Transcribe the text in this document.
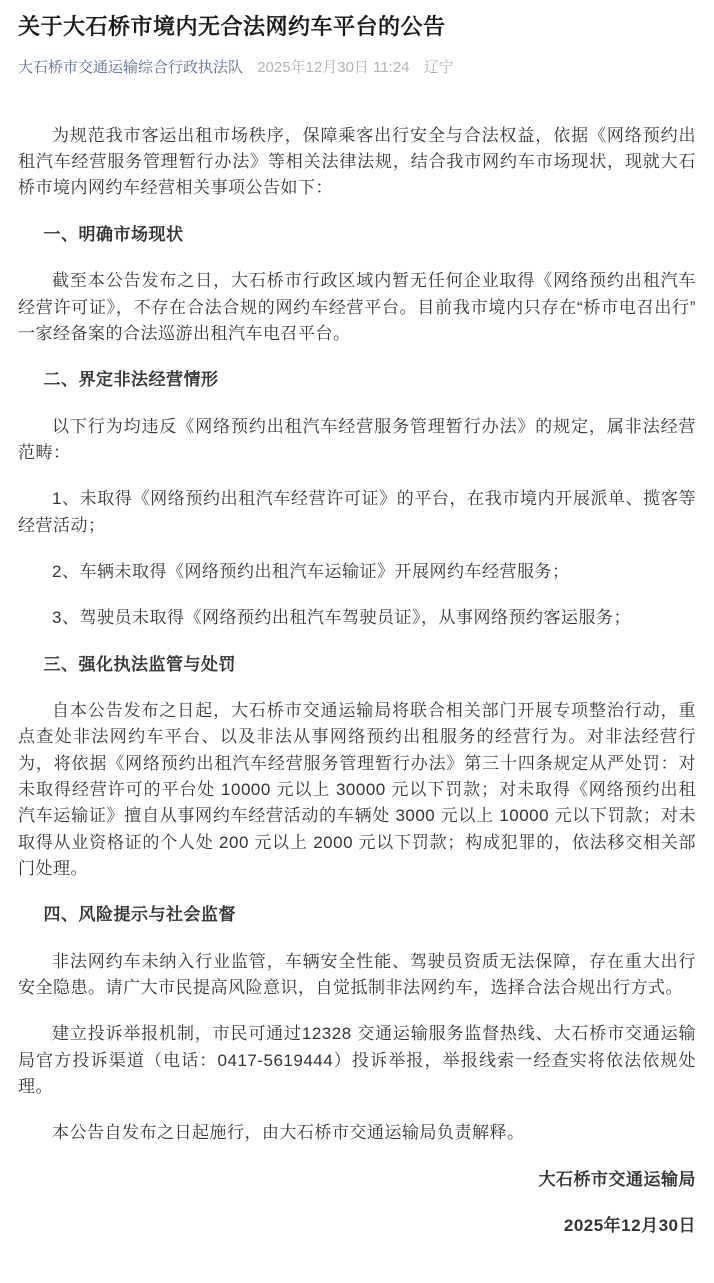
关于大石桥市境内无合法网约车平台的公告
大石桥市交通运输综合行政执法队 2025年12月30日 11:24 辽宁

为规范我市客运出租市场秩序，保障乘客出行安全与合法权益，依据《网络预约出租汽车经营服务管理暂行办法》等相关法律法规，结合我市网约车市场现状，现就大石桥市境内网约车经营相关事项公告如下：

一、明确市场现状

截至本公告发布之日，大石桥市行政区域内暂无任何企业取得《网络预约出租汽车经营许可证》，不存在合法合规的网约车经营平台。目前我市境内只存在“桥市电召出行”一家经备案的合法巡游出租汽车电召平台。

二、界定非法经营情形

以下行为均违反《网络预约出租汽车经营服务管理暂行办法》的规定，属非法经营范畴：

1、未取得《网络预约出租汽车经营许可证》的平台，在我市境内开展派单、揽客等经营活动；

2、车辆未取得《网络预约出租汽车运输证》开展网约车经营服务；

3、驾驶员未取得《网络预约出租汽车驾驶员证》，从事网络预约客运服务；

三、强化执法监管与处罚

自本公告发布之日起，大石桥市交通运输局将联合相关部门开展专项整治行动，重点查处非法网约车平台、以及非法从事网络预约出租服务的经营行为。对非法经营行为，将依据《网络预约出租汽车经营服务管理暂行办法》第三十四条规定从严处罚：对未取得经营许可的平台处 10000 元以上 30000 元以下罚款；对未取得《网络预约出租汽车运输证》擅自从事网约车经营活动的车辆处 3000 元以上 10000 元以下罚款；对未取得从业资格证的个人处 200 元以上 2000 元以下罚款；构成犯罪的，依法移交相关部门处理。

四、风险提示与社会监督

非法网约车未纳入行业监管，车辆安全性能、驾驶员资质无法保障，存在重大出行安全隐患。请广大市民提高风险意识，自觉抵制非法网约车，选择合法合规出行方式。

建立投诉举报机制，市民可通过12328 交通运输服务监督热线、大石桥市交通运输局官方投诉渠道（电话：0417-5619444）投诉举报，举报线索一经查实将依法依规处理。

本公告自发布之日起施行，由大石桥市交通运输局负责解释。

大石桥市交通运输局

2025年12月30日
